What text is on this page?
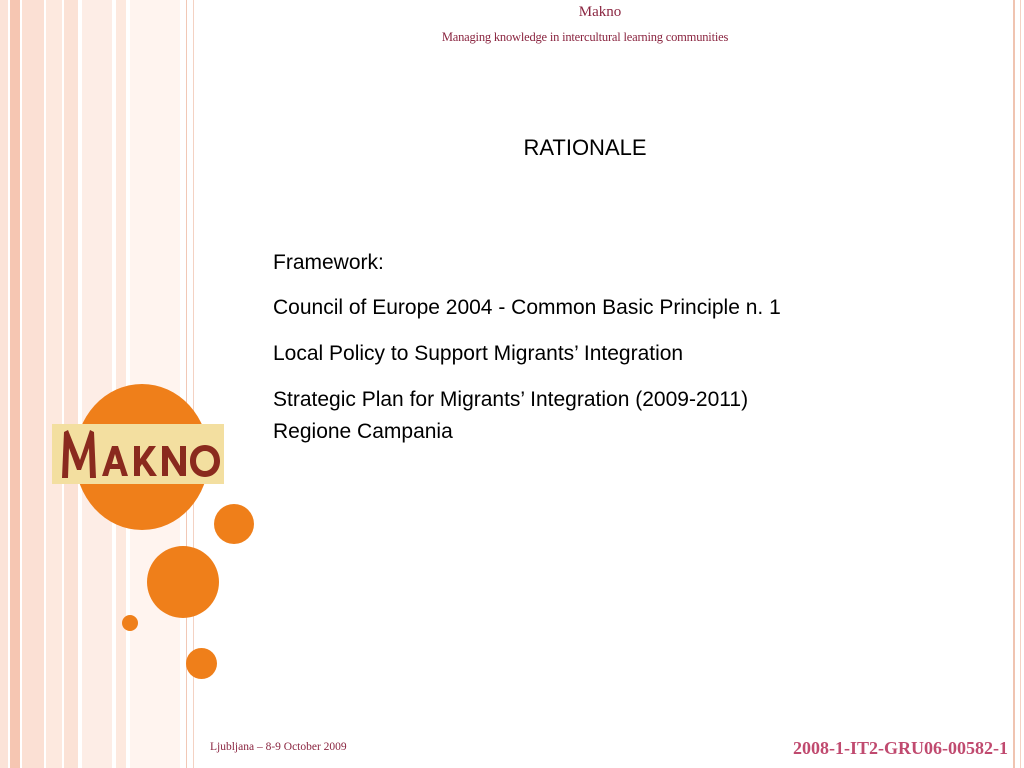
Makno
Managing knowledge in intercultural learning communities
RATIONALE
Framework:
Council of Europe 2004 - Common Basic Principle n. 1
Local Policy to Support Migrants’ Integration
Strategic Plan for Migrants’ Integration (2009-2011)
Regione Campania
Ljubljana – 8-9 October 2009	2008-1-IT2-GRU06-00582-1
